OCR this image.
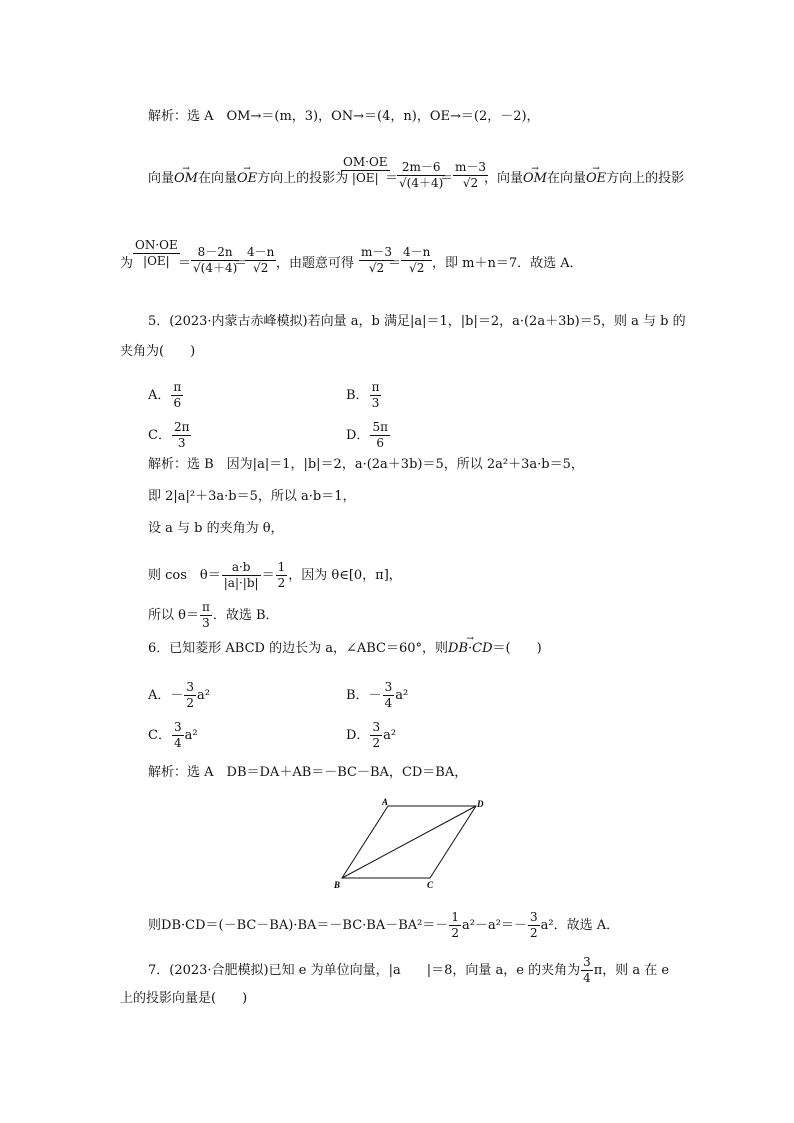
解析：选 A　OM→＝(m，3)，ON→＝(4，n)，OE→＝(2，－2)，
向量→ OM在向量→ OE方向上的投影为
$\frac{OM\cdot OE}{|OE|}$
＝
$\frac{2m-6}{√(4+4)}$
＝ $\frac{m-3}{√2}$
，向量→ OM在向量→ OE方向上的投影
为 $\frac{ON\cdot OE}{|OE|}$
＝ $\frac{8-2n}{√(4+4)}$
＝
$\frac{4-n}{√2}$ ，由题意可得 $\frac{m-3}{√2}$
＝ $\frac{4-n}{√2}$ ，即 m＋n＝7．故选 A．
5．(2023·内蒙古赤峰模拟)若向量 a，b 满足|a|＝1，|b|＝2，a·(2a＋3b)＝5，则 a 与 b 的
夹角为(　　)
A． $\frac{\pi}{6}$	B． $\frac{\pi}{3}$
C． $\frac{2\pi}{3}$	D． $\frac{5\pi}{6}$
解析：选 B　因为|a|＝1，|b|＝2，a·(2a＋3b)＝5，所以 2a²＋3a·b＝5，
即 2|a|²＋3a·b＝5，所以 a·b＝1，
设 a 与 b 的夹角为 θ，
则 cos　$\theta= \frac{a\cdot b}{|a|\cdot|b|} = \frac{1}{2}$ ，因为 θ∈[0，π]，
所以 $\theta= \frac{\pi}{3}$ ．故选 B．
6．已知菱形 ABCD 的边长为 a，∠ABC＝60°，则→ DB·CD＝(　　)
A．－ $\frac{3}{2} a^2$	B．－ $\frac{3}{4} a^2$
C． $\frac{3}{4} a^2$	D． $\frac{3}{2} a^2$
解析：选 A　DB＝DA＋AB＝－BC－BA，CD＝BA，
A	D
B	C
则$DB\cdot CD=(-BC-BA)\cdot BA=-BC\cdot BA-BA^2=- \frac{1}{2} a^2-a^2=- \frac{3}{2} a^2$．故选 A．
7．(2023·合肥模拟)已知 e 为单位向量，|a　　|＝8，向量 a，e 的夹角为 $\frac{3}{4}$ π，则 a 在 e
上的投影向量是(　　)
